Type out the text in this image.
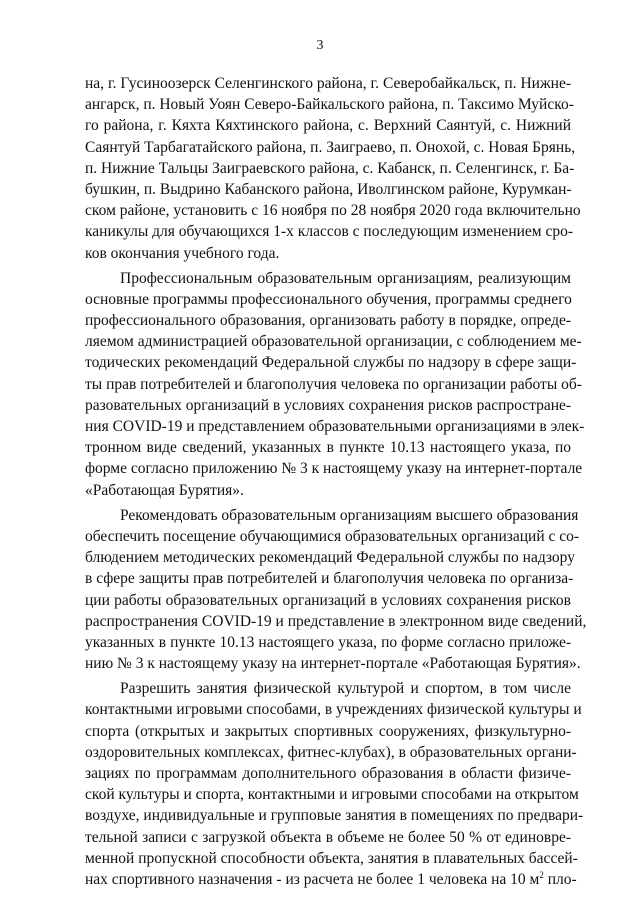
3
на, г. Гусиноозерск Селенгинского района, г. Северобайкальск, п. Нижне-
ангарск, п. Новый Уоян Северо-Байкальского района, п. Таксимо Муйско-
го района, г. Кяхта Кяхтинского района, с. Верхний Саянтуй, с. Нижний
Саянтуй Тарбагатайского района, п. Заиграево, п. Онохой, с. Новая Брянь,
п. Нижние Тальцы Заиграевского района, с. Кабанск, п. Селенгинск, г. Ба-
бушкин, п. Выдрино Кабанского района, Иволгинском районе, Курумкан-
ском районе, установить с 16 ноября по 28 ноября 2020 года включительно
каникулы для обучающихся 1-х классов с последующим изменением сро-
ков окончания учебного года.
Профессиональным образовательным организациям, реализующим
основные программы профессионального обучения, программы среднего
профессионального образования, организовать работу в порядке, опреде-
ляемом администрацией образовательной организации, с соблюдением ме-
тодических рекомендаций Федеральной службы по надзору в сфере защи-
ты прав потребителей и благополучия человека по организации работы об-
разовательных организаций в условиях сохранения рисков распростране-
ния COVID-19 и представлением образовательными организациями в элек-
тронном виде сведений, указанных в пункте 10.13 настоящего указа, по
форме согласно приложению № 3 к настоящему указу на интернет-портале
«Работающая Бурятия».
Рекомендовать образовательным организациям высшего образования
обеспечить посещение обучающимися образовательных организаций с со-
блюдением методических рекомендаций Федеральной службы по надзору
в сфере защиты прав потребителей и благополучия человека по организа-
ции работы образовательных организаций в условиях сохранения рисков
распространения COVID-19 и представление в электронном виде сведений,
указанных в пункте 10.13 настоящего указа, по форме согласно приложе-
нию № 3 к настоящему указу на интернет-портале «Работающая Бурятия».
Разрешить занятия физической культурой и спортом, в том числе
контактными игровыми способами, в учреждениях физической культуры и
спорта (открытых и закрытых спортивных сооружениях, физкультурно-
оздоровительных комплексах, фитнес-клубах), в образовательных органи-
зациях по программам дополнительного образования в области физиче-
ской культуры и спорта, контактными и игровыми способами на открытом
воздухе, индивидуальные и групповые занятия в помещениях по предвари-
тельной записи с загрузкой объекта в объеме не более 50 % от единовре-
менной пропускной способности объекта, занятия в плавательных бассей-
нах спортивного назначения - из расчета не более 1 человека на 10 $м^2$ пло-
